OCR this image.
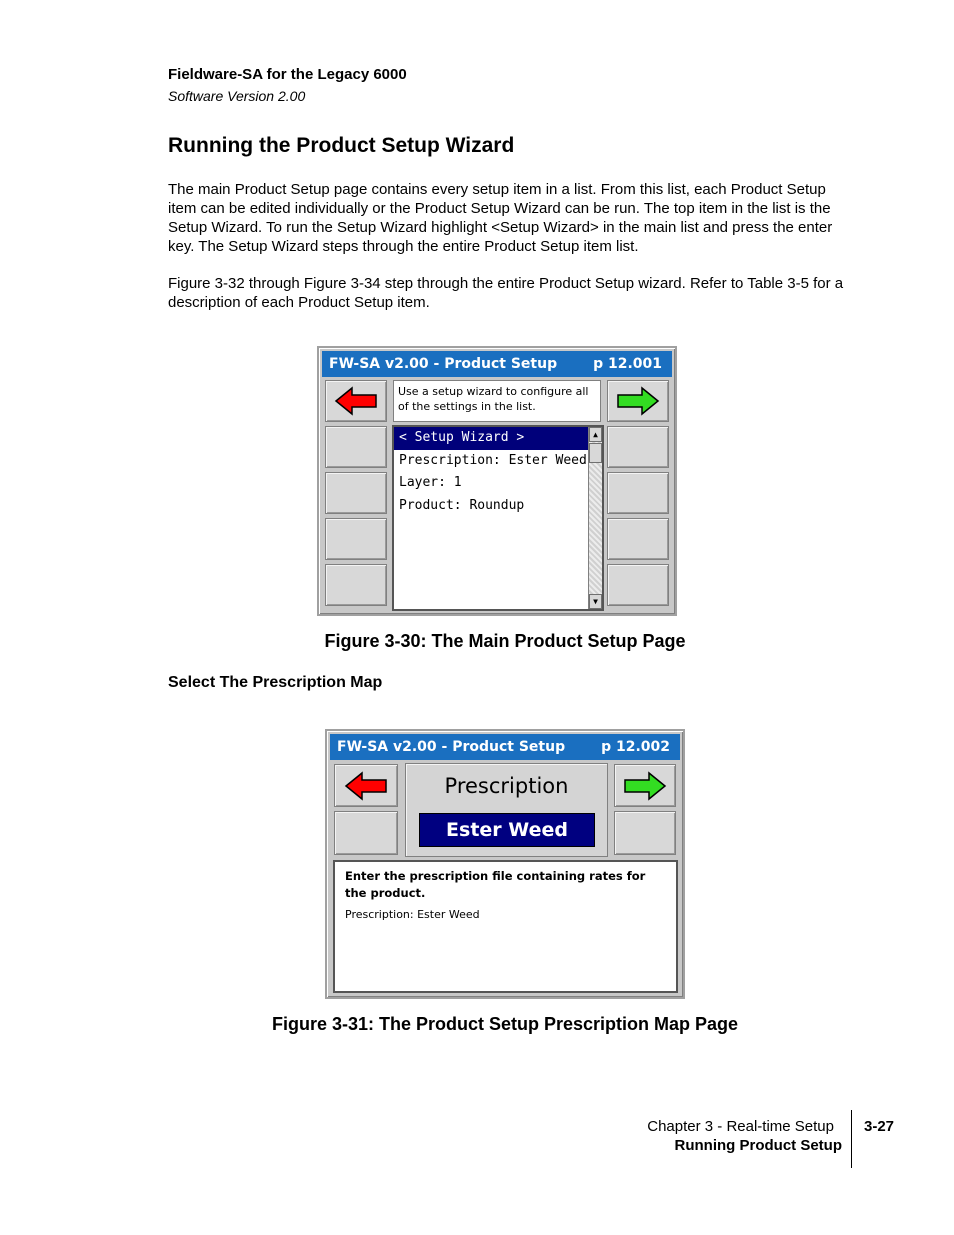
Fieldware-SA for the Legacy 6000
Software Version 2.00
Running the Product Setup Wizard
The main Product Setup page contains every setup item in a list. From this list, each Product Setup item can be edited individually or the Product Setup Wizard can be run. The top item in the list is the Setup Wizard. To run the Setup Wizard highlight <Setup Wizard> in the main list and press the enter key. The Setup Wizard steps through the entire Product Setup item list.
Figure 3-32 through Figure 3-34 step through the entire Product Setup wizard. Refer to Table 3-5 for a description of each Product Setup item.
FW-SA v2.00 - Product Setup	p 12.001
Use a setup wizard to configure all of the settings in the list.
< Setup Wizard >
Prescription: Ester Weed
Layer: 1
Product: Roundup
▲
▼
Figure 3-30: The Main Product Setup Page
Select The Prescription Map
FW-SA v2.00 - Product Setup	p 12.002
Prescription
Ester Weed
Enter the prescription file containing rates for the product.
Prescription: Ester Weed
Figure 3-31: The Product Setup Prescription Map Page
Chapter 3 - Real-time Setup
Running Product Setup
3-27
